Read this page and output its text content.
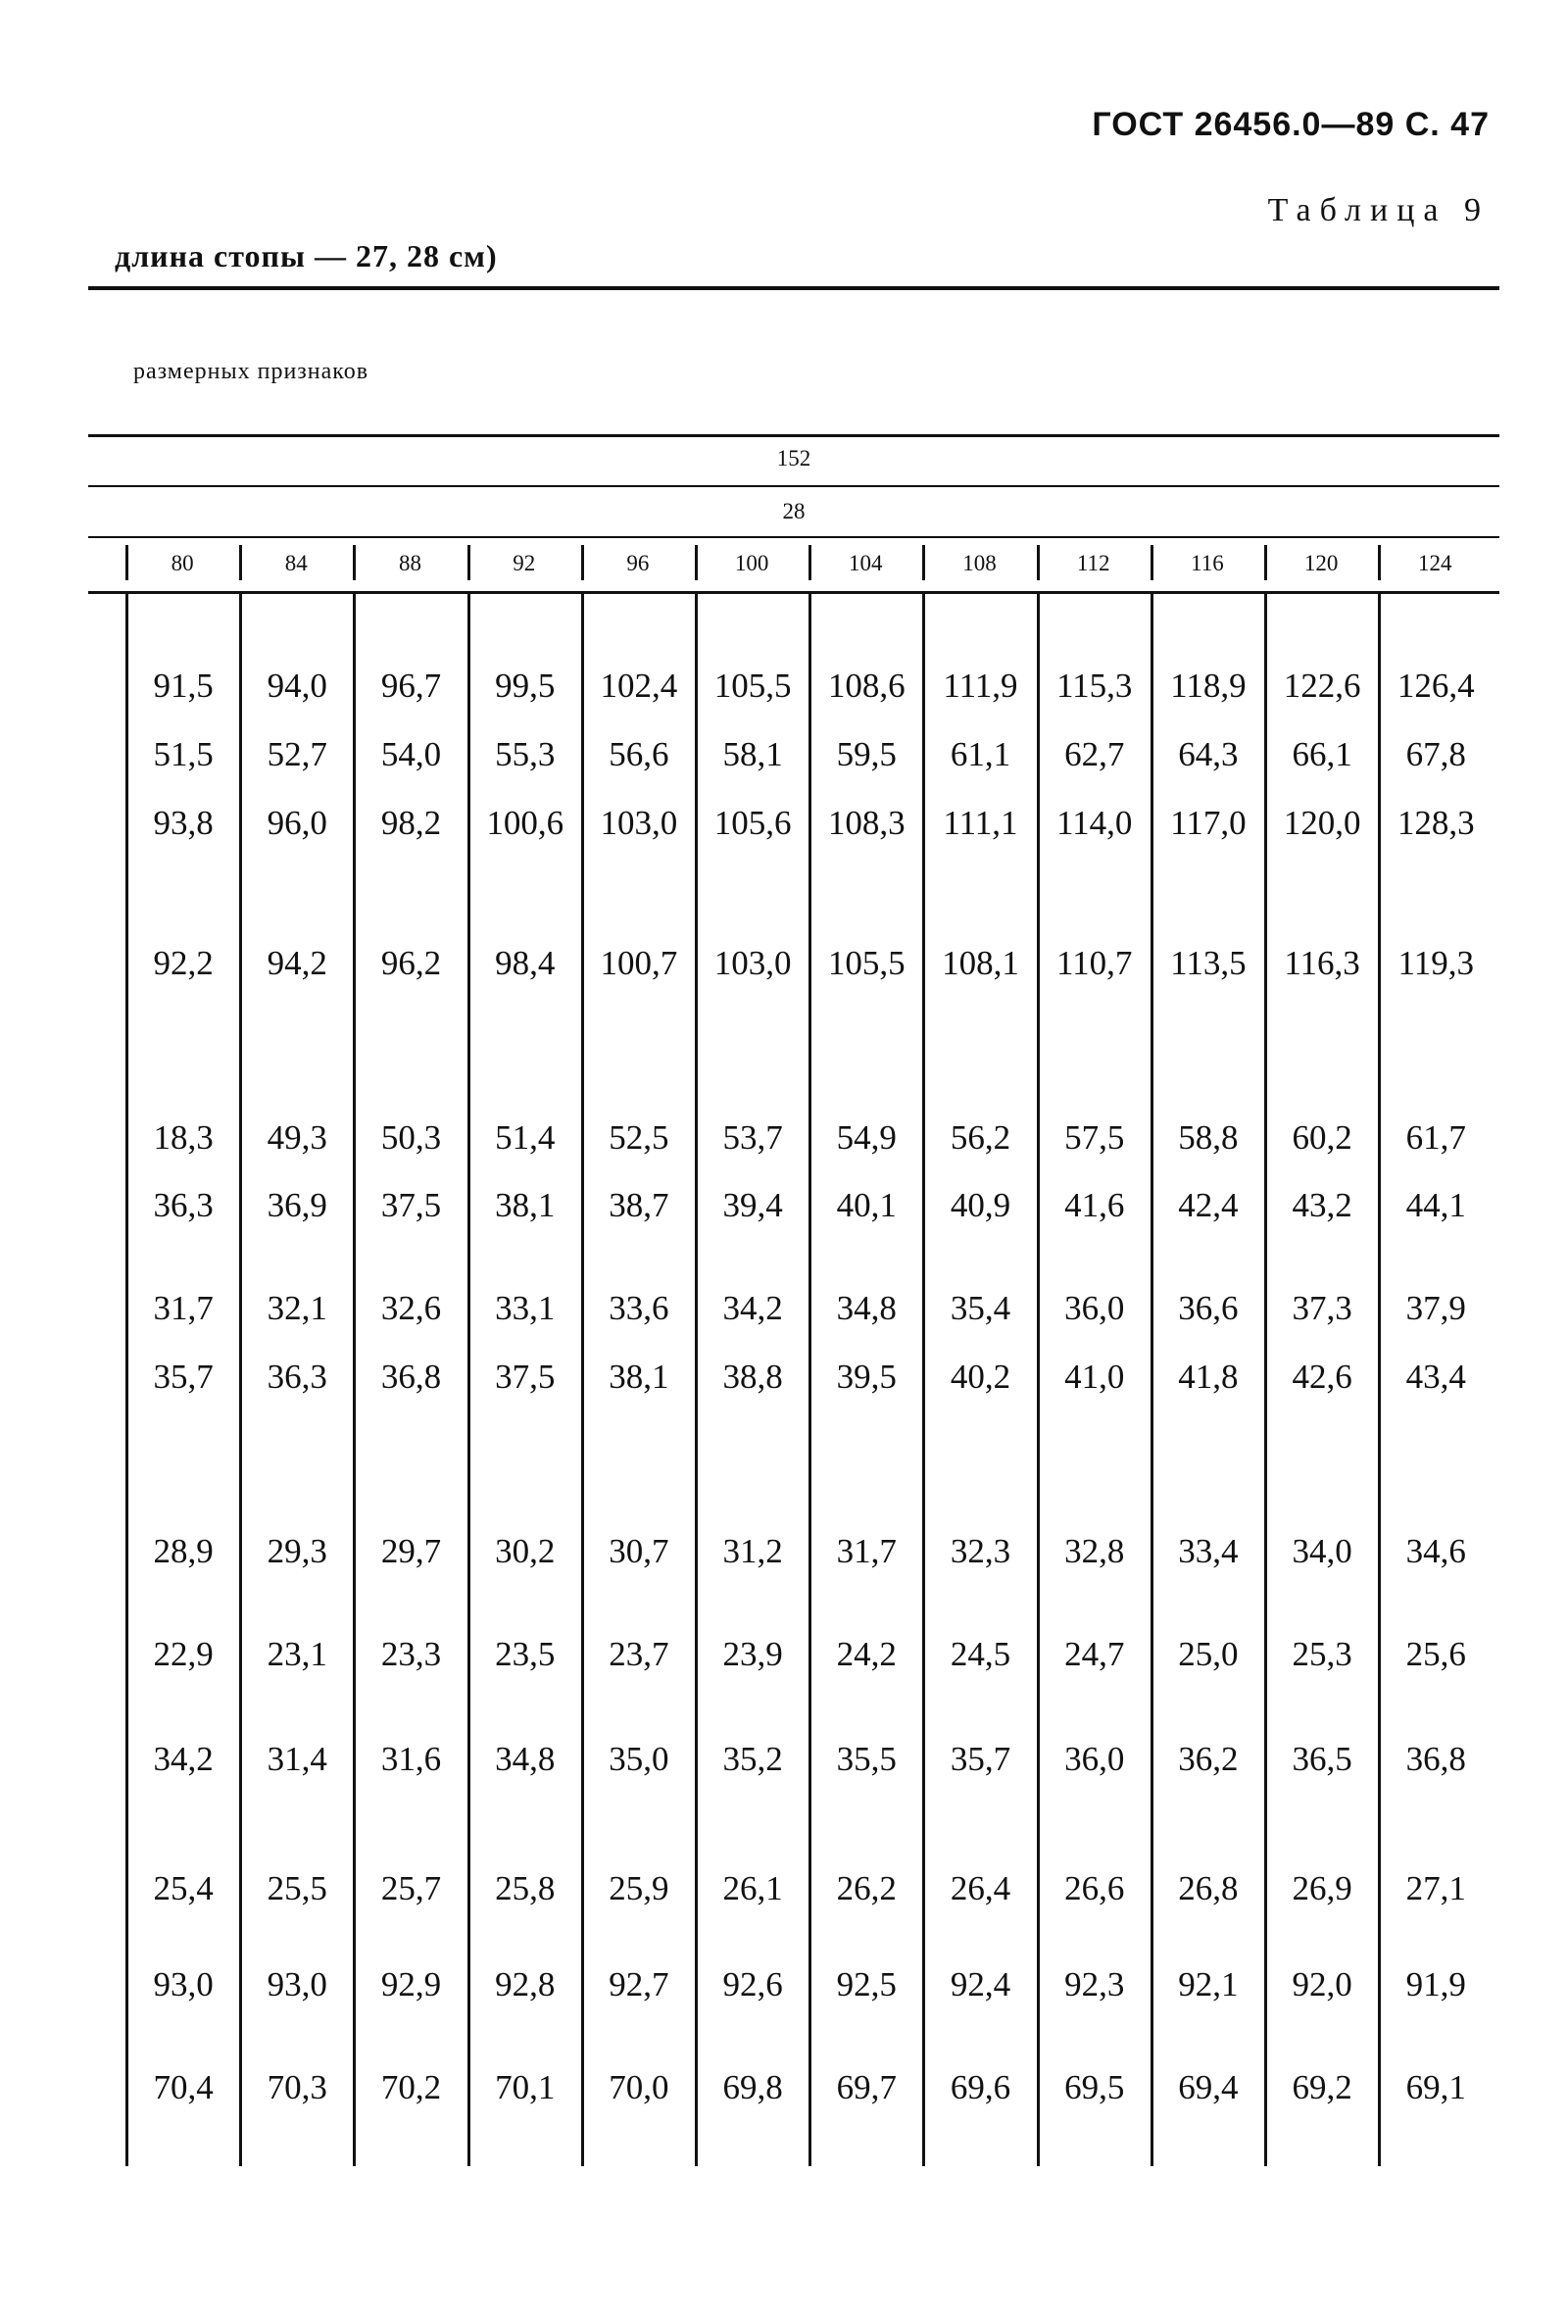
ГОСТ 26456.0—89 С. 47
Таблица 9
длина стопы — 27, 28 см)
размерных признаков
152
28
80	84	88	92	96	100	104	108	112	116	120	124
91,5	94,0	96,7	99,5	102,4	105,5	108,6	111,9	115,3	118,9	122,6	126,4
51,5	52,7	54,0	55,3	56,6	58,1	59,5	61,1	62,7	64,3	66,1	67,8
93,8	96,0	98,2	100,6	103,0	105,6	108,3	111,1	114,0	117,0	120,0	128,3
92,2	94,2	96,2	98,4	100,7	103,0	105,5	108,1	110,7	113,5	116,3	119,3
18,3	49,3	50,3	51,4	52,5	53,7	54,9	56,2	57,5	58,8	60,2	61,7
36,3	36,9	37,5	38,1	38,7	39,4	40,1	40,9	41,6	42,4	43,2	44,1
31,7	32,1	32,6	33,1	33,6	34,2	34,8	35,4	36,0	36,6	37,3	37,9
35,7	36,3	36,8	37,5	38,1	38,8	39,5	40,2	41,0	41,8	42,6	43,4
28,9	29,3	29,7	30,2	30,7	31,2	31,7	32,3	32,8	33,4	34,0	34,6
22,9	23,1	23,3	23,5	23,7	23,9	24,2	24,5	24,7	25,0	25,3	25,6
34,2	31,4	31,6	34,8	35,0	35,2	35,5	35,7	36,0	36,2	36,5	36,8
25,4	25,5	25,7	25,8	25,9	26,1	26,2	26,4	26,6	26,8	26,9	27,1
93,0	93,0	92,9	92,8	92,7	92,6	92,5	92,4	92,3	92,1	92,0	91,9
70,4	70,3	70,2	70,1	70,0	69,8	69,7	69,6	69,5	69,4	69,2	69,1
